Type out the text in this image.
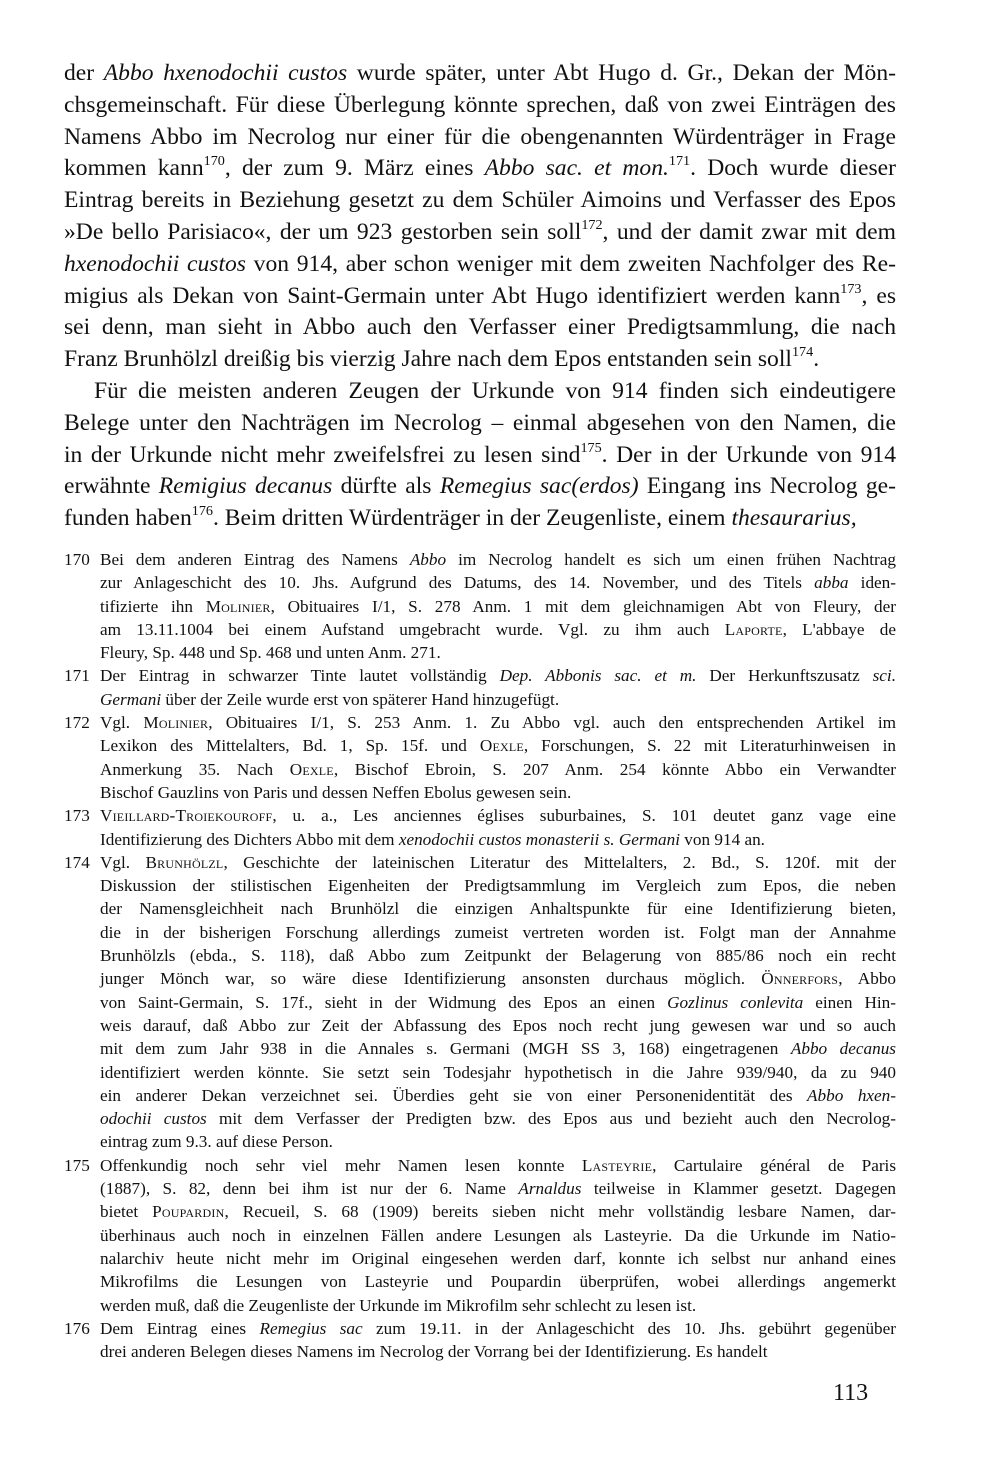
der Abbo hxenodochii custos wurde später, unter Abt Hugo d. Gr., Dekan der Mön-
chsgemeinschaft. Für diese Überlegung könnte sprechen, daß von zwei Einträgen des
Namens Abbo im Necrolog nur einer für die obengenannten Würdenträger in Frage
kommen kann$^{170}$, der zum 9. März eines Abbo sac. et mon.$^{171}$. Doch wurde dieser
Eintrag bereits in Beziehung gesetzt zu dem Schüler Aimoins und Verfasser des Epos
»De bello Parisiaco«, der um 923 gestorben sein soll$^{172}$, und der damit zwar mit dem
hxenodochii custos von 914, aber schon weniger mit dem zweiten Nachfolger des Re-
migius als Dekan von Saint-Germain unter Abt Hugo identifiziert werden kann$^{173}$, es
sei denn, man sieht in Abbo auch den Verfasser einer Predigtsammlung, die nach
Franz Brunhölzl dreißig bis vierzig Jahre nach dem Epos entstanden sein soll$^{174}$.
Für die meisten anderen Zeugen der Urkunde von 914 finden sich eindeutigere
Belege unter den Nachträgen im Necrolog – einmal abgesehen von den Namen, die
in der Urkunde nicht mehr zweifelsfrei zu lesen sind$^{175}$. Der in der Urkunde von 914
erwähnte Remigius decanus dürfte als Remegius sac(erdos) Eingang ins Necrolog ge-
funden haben$^{176}$. Beim dritten Würdenträger in der Zeugenliste, einem thesaurarius,
170 Bei dem anderen Eintrag des Namens Abbo im Necrolog handelt es sich um einen frühen Nachtrag
zur Anlageschicht des 10. Jhs. Aufgrund des Datums, des 14. November, und des Titels abba iden-
tifizierte ihn Molinier, Obituaires I/1, S. 278 Anm. 1 mit dem gleichnamigen Abt von Fleury, der
am 13.11.1004 bei einem Aufstand umgebracht wurde. Vgl. zu ihm auch Laporte, L'abbaye de
Fleury, Sp. 448 und Sp. 468 und unten Anm. 271.
171 Der Eintrag in schwarzer Tinte lautet vollständig Dep. Abbonis sac. et m. Der Herkunftszusatz sci.
Germani über der Zeile wurde erst von späterer Hand hinzugefügt.
172 Vgl. Molinier, Obituaires I/1, S. 253 Anm. 1. Zu Abbo vgl. auch den entsprechenden Artikel im
Lexikon des Mittelalters, Bd. 1, Sp. 15f. und Oexle, Forschungen, S. 22 mit Literaturhinweisen in
Anmerkung 35. Nach Oexle, Bischof Ebroin, S. 207 Anm. 254 könnte Abbo ein Verwandter
Bischof Gauzlins von Paris und dessen Neffen Ebolus gewesen sein.
173 Vieillard-Troiekouroff, u. a., Les anciennes églises suburbaines, S. 101 deutet ganz vage eine
Identifizierung des Dichters Abbo mit dem xenodochii custos monasterii s. Germani von 914 an.
174 Vgl. Brunhölzl, Geschichte der lateinischen Literatur des Mittelalters, 2. Bd., S. 120f. mit der
Diskussion der stilistischen Eigenheiten der Predigtsammlung im Vergleich zum Epos, die neben
der Namensgleichheit nach Brunhölzl die einzigen Anhaltspunkte für eine Identifizierung bieten,
die in der bisherigen Forschung allerdings zumeist vertreten worden ist. Folgt man der Annahme
Brunhölzls (ebda., S. 118), daß Abbo zum Zeitpunkt der Belagerung von 885/86 noch ein recht
junger Mönch war, so wäre diese Identifizierung ansonsten durchaus möglich. Önnerfors, Abbo
von Saint-Germain, S. 17f., sieht in der Widmung des Epos an einen Gozlinus conlevita einen Hin-
weis darauf, daß Abbo zur Zeit der Abfassung des Epos noch recht jung gewesen war und so auch
mit dem zum Jahr 938 in die Annales s. Germani (MGH SS 3, 168) eingetragenen Abbo decanus
identifiziert werden könnte. Sie setzt sein Todesjahr hypothetisch in die Jahre 939/940, da zu 940
ein anderer Dekan verzeichnet sei. Überdies geht sie von einer Personenidentität des Abbo hxen-
odochii custos mit dem Verfasser der Predigten bzw. des Epos aus und bezieht auch den Necrolog-
eintrag zum 9.3. auf diese Person.
175 Offenkundig noch sehr viel mehr Namen lesen konnte Lasteyrie, Cartulaire général de Paris
(1887), S. 82, denn bei ihm ist nur der 6. Name Arnaldus teilweise in Klammer gesetzt. Dagegen
bietet Poupardin, Recueil, S. 68 (1909) bereits sieben nicht mehr vollständig lesbare Namen, dar-
überhinaus auch noch in einzelnen Fällen andere Lesungen als Lasteyrie. Da die Urkunde im Natio-
nalarchiv heute nicht mehr im Original eingesehen werden darf, konnte ich selbst nur anhand eines
Mikrofilms die Lesungen von Lasteyrie und Poupardin überprüfen, wobei allerdings angemerkt
werden muß, daß die Zeugenliste der Urkunde im Mikrofilm sehr schlecht zu lesen ist.
176 Dem Eintrag eines Remegius sac zum 19.11. in der Anlageschicht des 10. Jhs. gebührt gegenüber
drei anderen Belegen dieses Namens im Necrolog der Vorrang bei der Identifizierung. Es handelt
113
